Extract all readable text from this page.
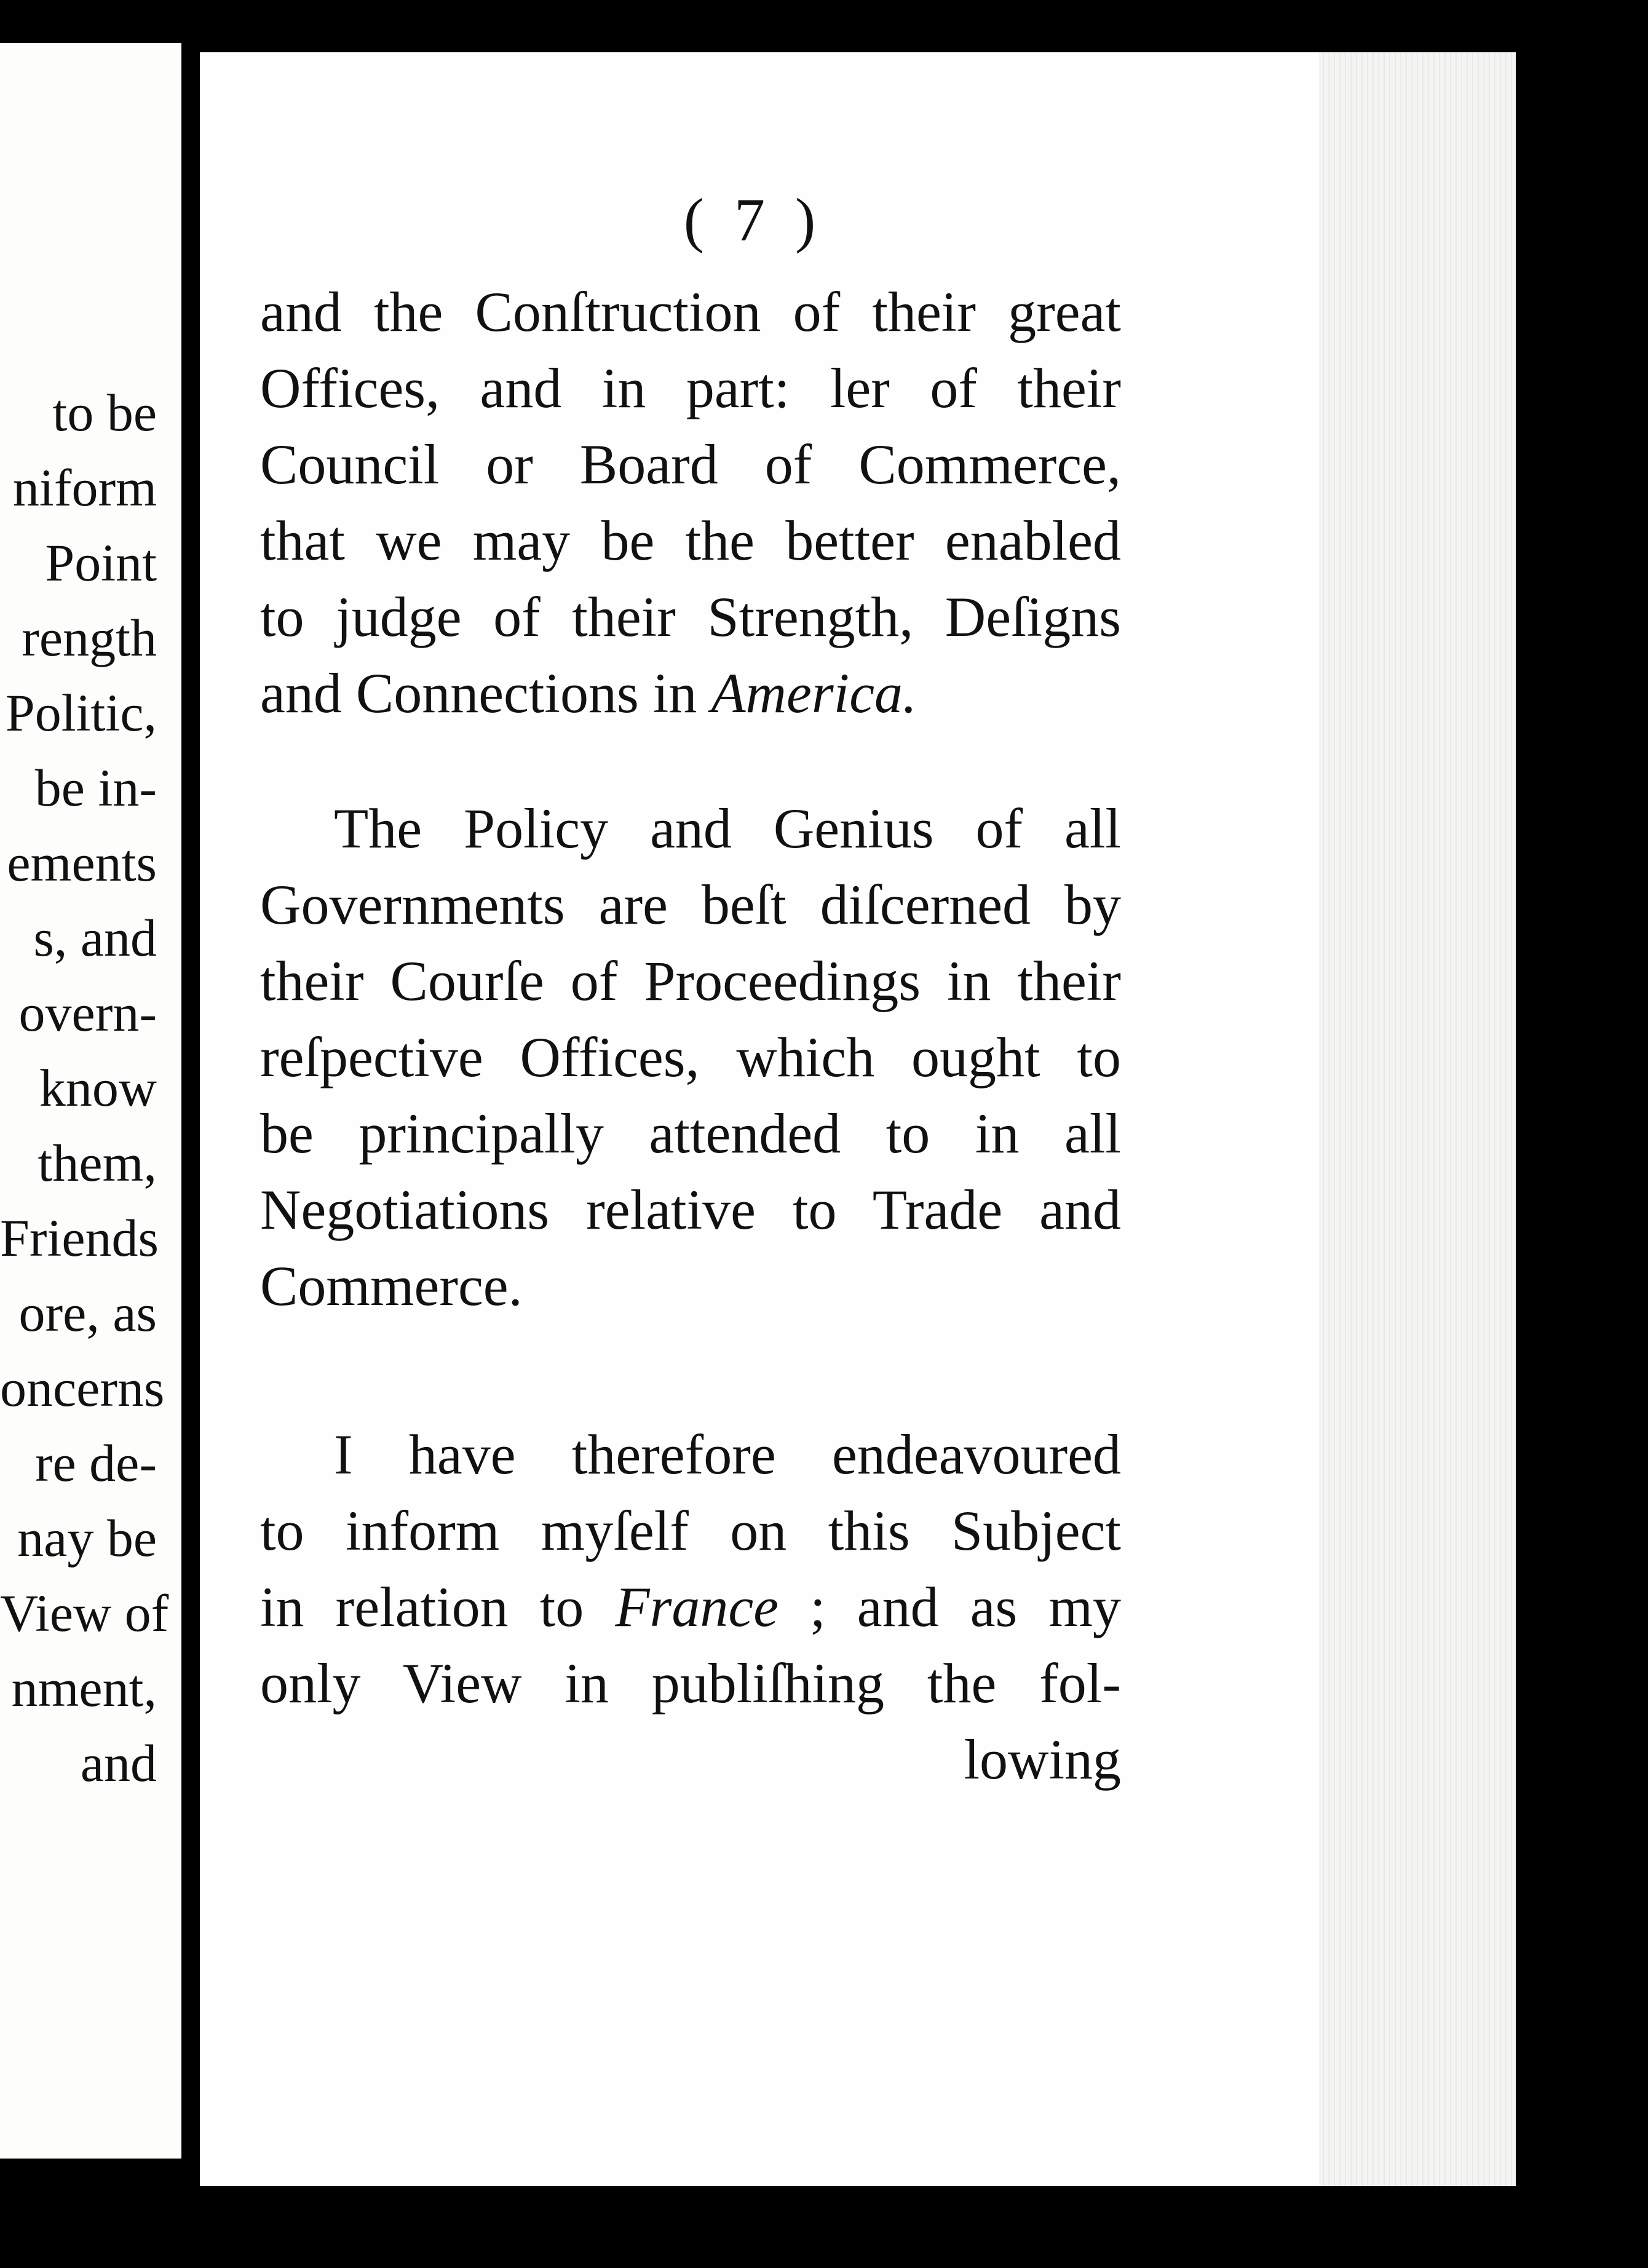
to be
niform
Point
rength
Politic,
be in-
ements
s, and
overn-
know
them,
Friends
ore, as
oncerns
re de-
nay be
View of
nment,
and
( 7 )
and the Conſtruction of their great
Offices, and in part: ler of their
Council or Board of Commerce,
that we may be the better enabled
to judge of their Strength, Deſigns
and Connections in America.
The Policy and Genius of all
Governments are beſt diſcerned by
their Courſe of Proceedings in their
reſpective Offices, which ought to
be principally attended to in all
Negotiations relative to Trade and
Commerce.
I have therefore endeavoured
to inform myſelf on this Subject
in relation to France ; and as my
only View in publiſhing the fol-
lowing
